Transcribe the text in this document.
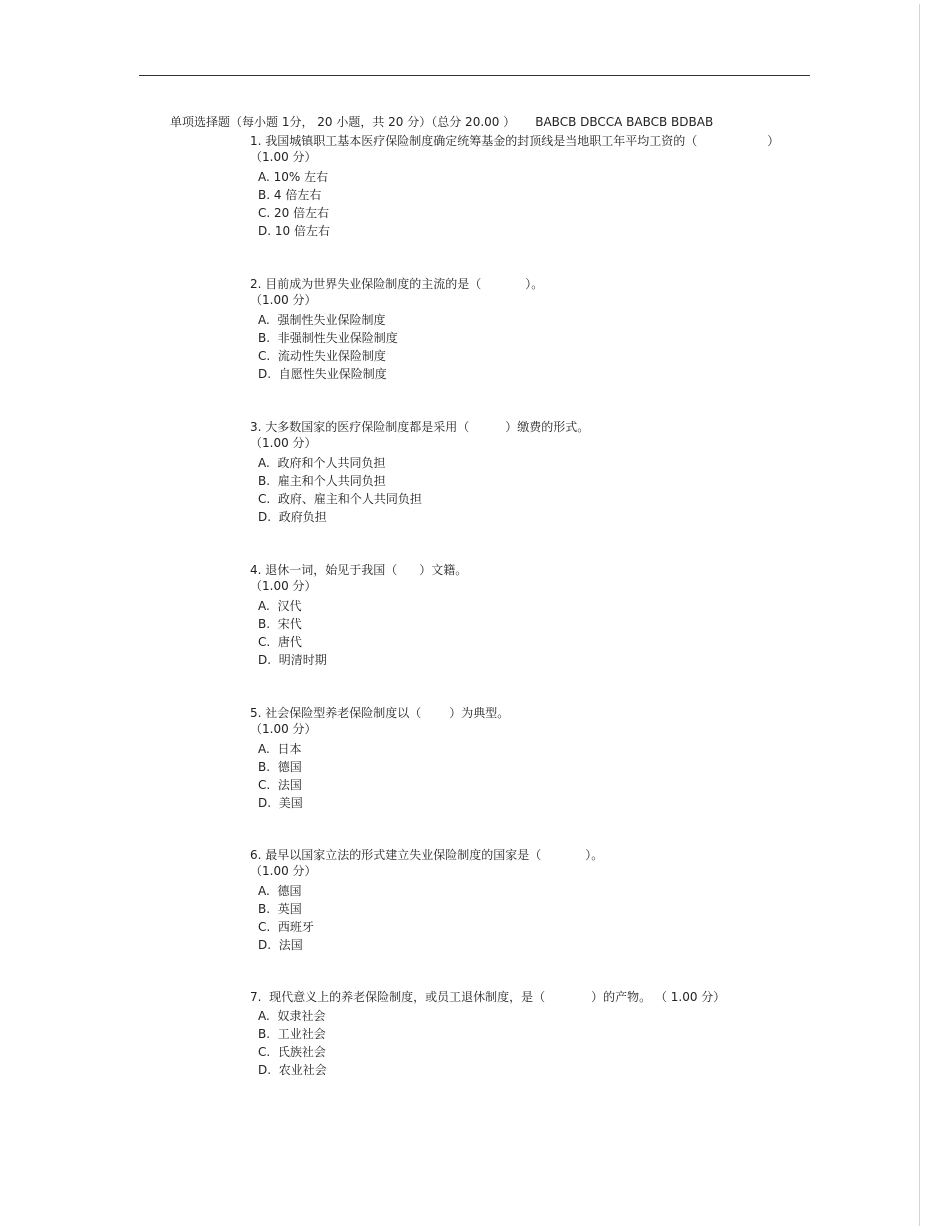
单项选择题（每小题 1分， 20 小题，共 20 分）（总分 20.00 ） BABCB DBCCA BABCB BDBAB
1. 我国城镇职工基本医疗保险制度确定统筹基金的封顶线是当地职工年平均工资的（	）
（1.00 分）
A. 10% 左右
B. 4 倍左右
C. 20 倍左右
D. 10 倍左右
2. 目前成为世界失业保险制度的主流的是（	）。
（1.00 分）
A. 强制性失业保险制度
B. 非强制性失业保险制度
C. 流动性失业保险制度
D. 自愿性失业保险制度
3. 大多数国家的医疗保险制度都是采用（	）缴费的形式。
（1.00 分）
A. 政府和个人共同负担
B. 雇主和个人共同负担
C. 政府、雇主和个人共同负担
D. 政府负担
4. 退休一词，始见于我国（ ）文籍。
（1.00 分）
A. 汉代
B. 宋代
C. 唐代
D. 明清时期
5. 社会保险型养老保险制度以（ ）为典型。
（1.00 分）
A. 日本
B. 德国
C. 法国
D. 美国
6. 最早以国家立法的形式建立失业保险制度的国家是（	）。
（1.00 分）
A. 德国
B. 英国
C. 西班牙
D. 法国
7. 现代意义上的养老保险制度，或员工退休制度，是（	）的产物。 （ 1.00 分）
A. 奴隶社会
B. 工业社会
C. 氏族社会
D. 农业社会
